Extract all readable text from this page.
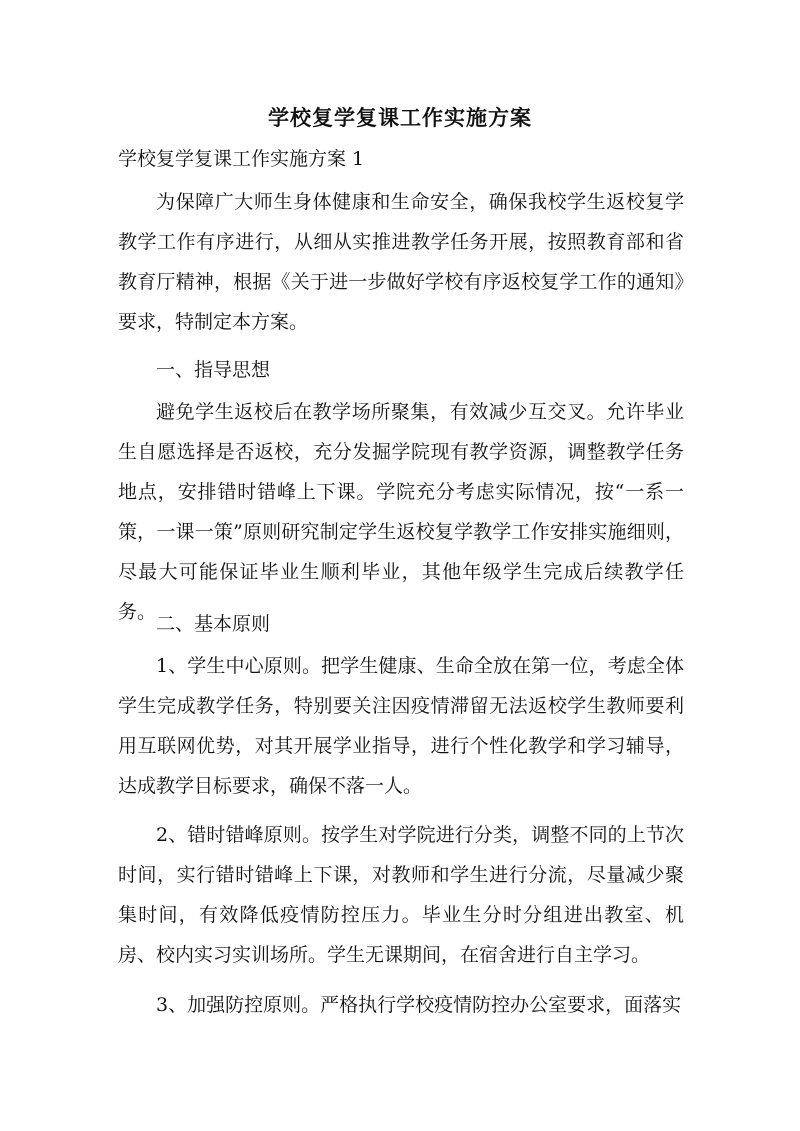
学校复学复课工作实施方案
学校复学复课工作实施方案 1

为保障广大师生身体健康和生命安全，确保我校学生返校复学教学工作有序进行，从细从实推进教学任务开展，按照教育部和省教育厅精神，根据《关于进一步做好学校有序返校复学工作的通知》要求，特制定本方案。

一、指导思想

避免学生返校后在教学场所聚集，有效减少互交叉。允许毕业生自愿选择是否返校，充分发掘学院现有教学资源，调整教学任务地点，安排错时错峰上下课。学院充分考虑实际情况，按“一系一策，一课一策”原则研究制定学生返校复学教学工作安排实施细则，尽最大可能保证毕业生顺利毕业，其他年级学生完成后续教学任务。

二、基本原则

1、学生中心原则。把学生健康、生命全放在第一位，考虑全体学生完成教学任务，特别要关注因疫情滞留无法返校学生教师要利用互联网优势，对其开展学业指导，进行个性化教学和学习辅导，达成教学目标要求，确保不落一人。

2、错时错峰原则。按学生对学院进行分类，调整不同的上节次时间，实行错时错峰上下课，对教师和学生进行分流，尽量减少聚集时间，有效降低疫情防控压力。毕业生分时分组进出教室、机房、校内实习实训场所。学生无课期间，在宿舍进行自主学习。

3、加强防控原则。严格执行学校疫情防控办公室要求，面落实
